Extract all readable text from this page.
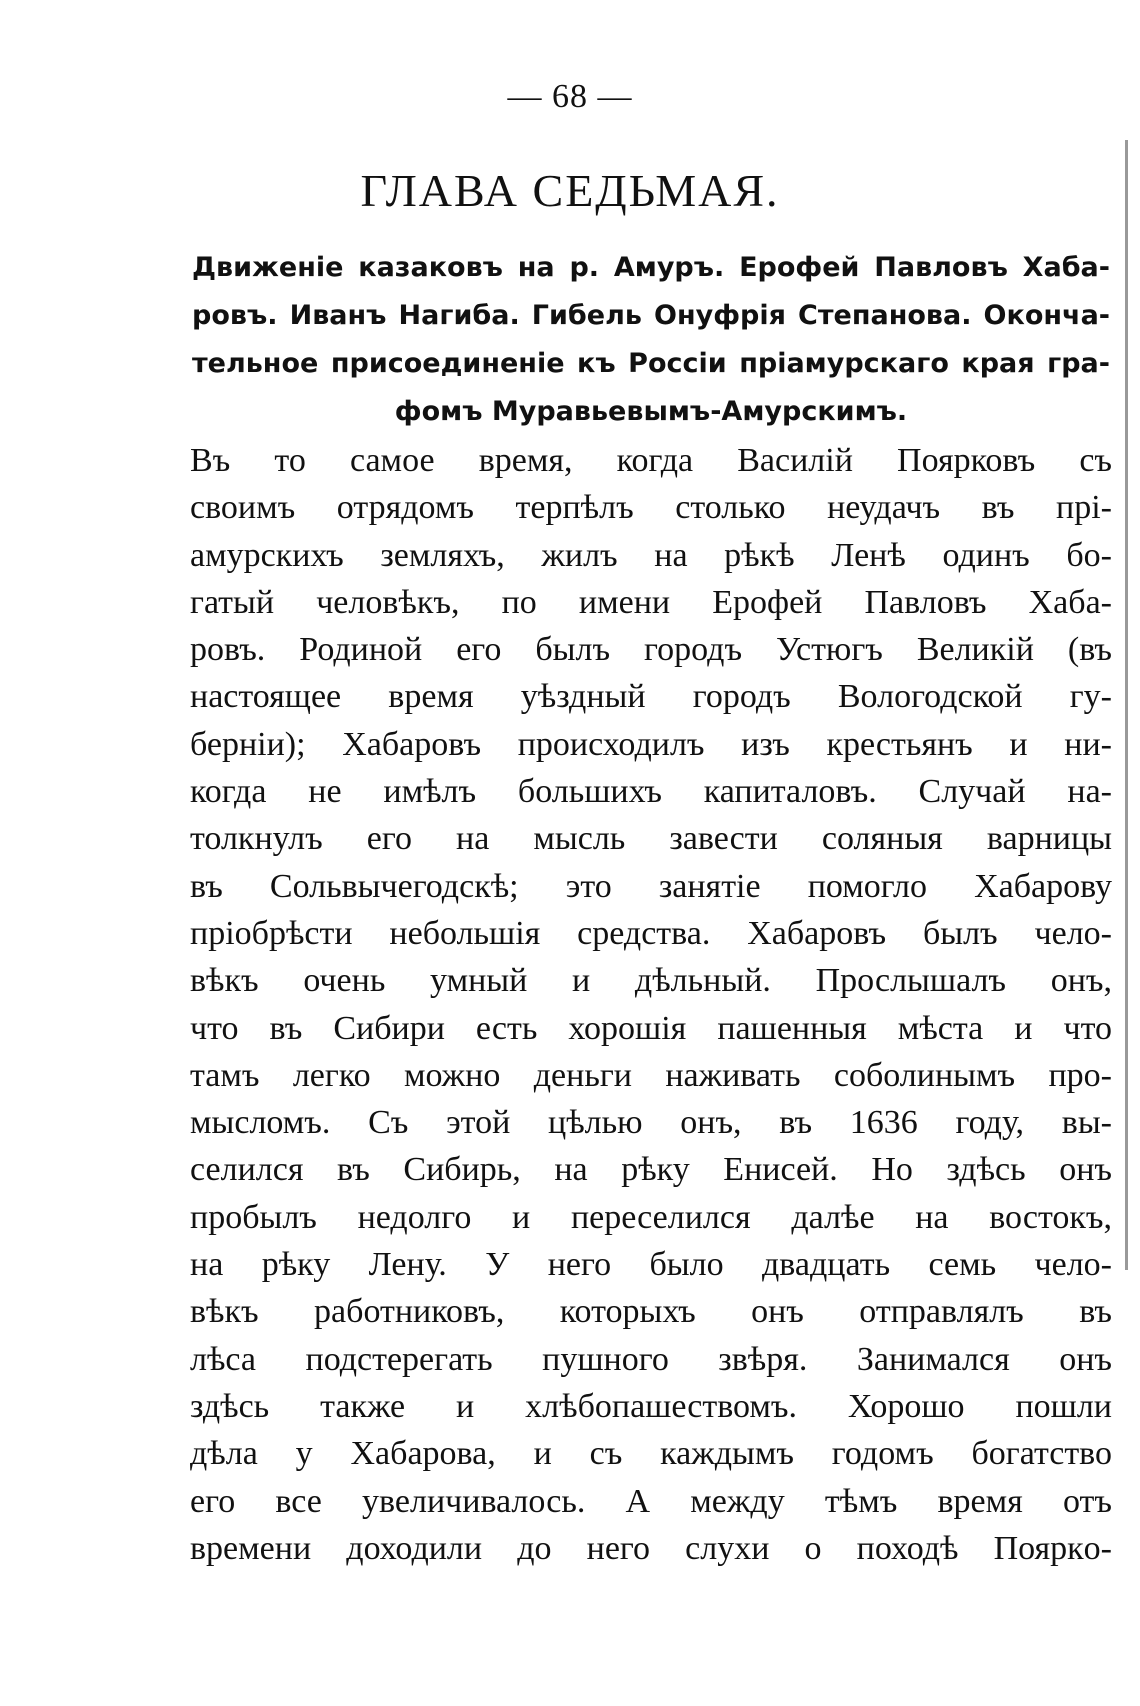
— 68 —
ГЛАВА СЕДЬМАЯ.
Движеніе казаковъ на р. Амуръ. Ерофей Павловъ Хаба-
ровъ. Иванъ Нагиба. Гибель Онуфрія Степанова. Оконча-
тельное присоединеніе къ Россіи пріамурскаго края гра-
фомъ Муравьевымъ-Амурскимъ.
Въ то самое время, когда Василій Поярковъ съ
своимъ отрядомъ терпѣлъ столько неудачъ въ прі-
амурскихъ земляхъ, жилъ на рѣкѣ Ленѣ одинъ бо-
гатый человѣкъ, по имени Ерофей Павловъ Хаба-
ровъ. Родиной его былъ городъ Устюгъ Великій (въ
настоящее время уѣздный городъ Вологодской гу-
берніи); Хабаровъ происходилъ изъ крестьянъ и ни-
когда не имѣлъ большихъ капиталовъ. Случай на-
толкнулъ его на мысль завести соляныя варницы
въ Сольвычегодскѣ; это занятіе помогло Хабарову
пріобрѣсти небольшія средства. Хабаровъ былъ чело-
вѣкъ очень умный и дѣльный. Прослышалъ онъ,
что въ Сибири есть хорошія пашенныя мѣста и что
тамъ легко можно деньги наживать соболинымъ про-
мысломъ. Съ этой цѣлью онъ, въ 1636 году, вы-
селился въ Сибирь, на рѣку Енисей. Но здѣсь онъ
пробылъ недолго и переселился далѣе на востокъ,
на рѣку Лену. У него было двадцать семь чело-
вѣкъ работниковъ, которыхъ онъ отправлялъ въ
лѣса подстерегать пушного звѣря. Занимался онъ
здѣсь также и хлѣбопашествомъ. Хорошо пошли
дѣла у Хабарова, и съ каждымъ годомъ богатство
его все увеличивалось. А между тѣмъ время отъ
времени доходили до него слухи о походѣ Пояркo-
